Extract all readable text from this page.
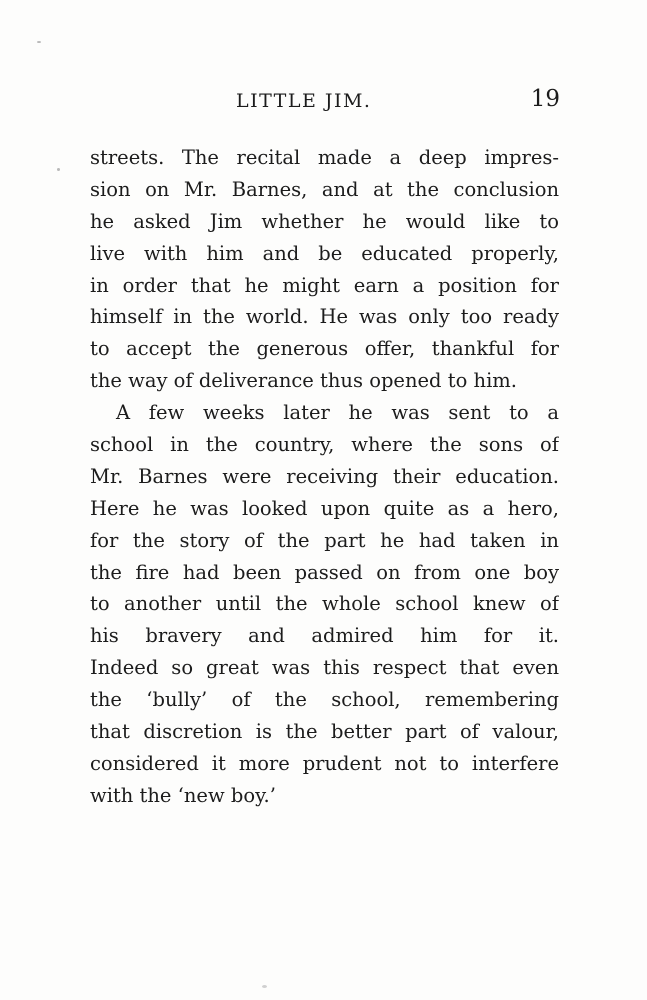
LITTLE JIM.	19
streets. The recital made a deep impres-
sion on Mr. Barnes, and at the conclusion
he asked Jim whether he would like to
live with him and be educated properly,
in order that he might earn a position for
himself in the world. He was only too ready
to accept the generous offer, thankful for
the way of deliverance thus opened to him.
A few weeks later he was sent to a
school in the country, where the sons of
Mr. Barnes were receiving their education.
Here he was looked upon quite as a hero,
for the story of the part he had taken in
the fire had been passed on from one boy
to another until the whole school knew of
his bravery and admired him for it.
Indeed so great was this respect that even
the ‘bully’ of the school, remembering
that discretion is the better part of valour,
considered it more prudent not to interfere
with the ‘new boy.’
